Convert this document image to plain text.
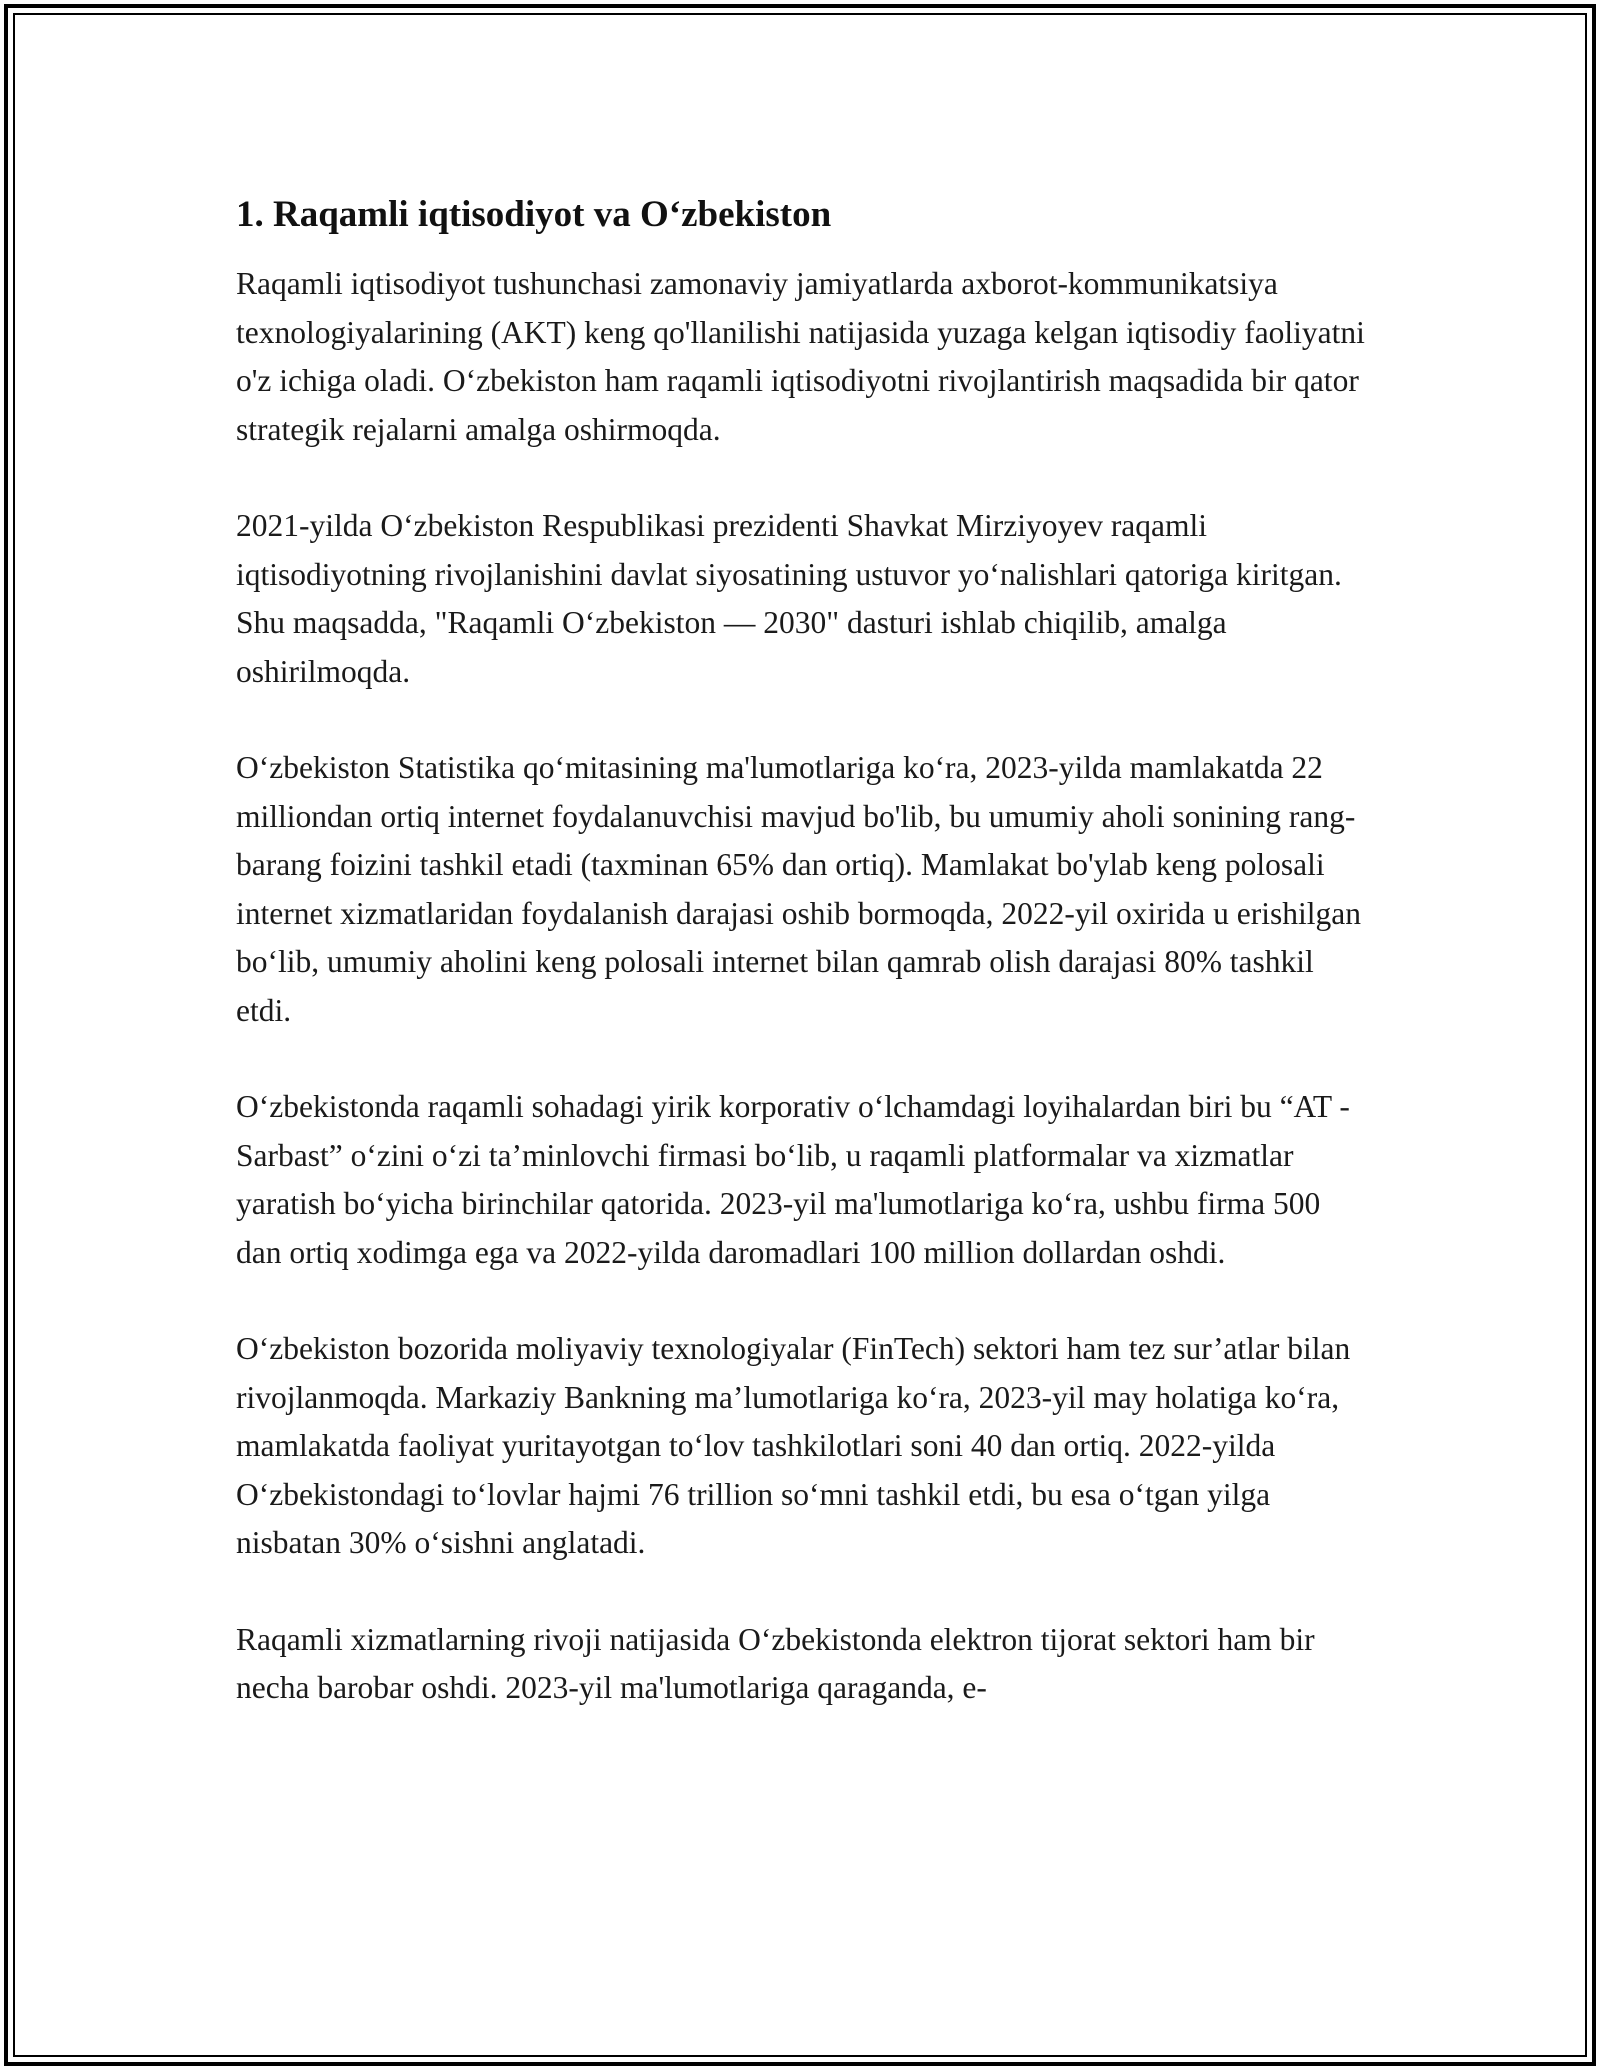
1. Raqamli iqtisodiyot va O‘zbekiston

Raqamli iqtisodiyot tushunchasi zamonaviy jamiyatlarda axborot-kommunikatsiya texnologiyalarining (AKT) keng qo'llanilishi natijasida yuzaga kelgan iqtisodiy faoliyatni o'z ichiga oladi. O‘zbekiston ham raqamli iqtisodiyotni rivojlantirish maqsadida bir qator strategik rejalarni amalga oshirmoqda.

2021-yilda O‘zbekiston Respublikasi prezidenti Shavkat Mirziyoyev raqamli iqtisodiyotning rivojlanishini davlat siyosatining ustuvor yo‘nalishlari qatoriga kiritgan. Shu maqsadda, "Raqamli O‘zbekiston — 2030" dasturi ishlab chiqilib, amalga oshirilmoqda.

O‘zbekiston Statistika qo‘mitasining ma'lumotlariga ko‘ra, 2023-yilda mamlakatda 22 milliondan ortiq internet foydalanuvchisi mavjud bo'lib, bu umumiy aholi sonining rang-barang foizini tashkil etadi (taxminan 65% dan ortiq). Mamlakat bo'ylab keng polosali internet xizmatlaridan foydalanish darajasi oshib bormoqda, 2022-yil oxirida u erishilgan bo‘lib, umumiy aholini keng polosali internet bilan qamrab olish darajasi 80% tashkil etdi.

O‘zbekistonda raqamli sohadagi yirik korporativ o‘lchamdagi loyihalardan biri bu “AT - Sarbast” o‘zini o‘zi ta’minlovchi firmasi bo‘lib, u raqamli platformalar va xizmatlar yaratish bo‘yicha birinchilar qatorida. 2023-yil ma'lumotlariga ko‘ra, ushbu firma 500 dan ortiq xodimga ega va 2022-yilda daromadlari 100 million dollardan oshdi.

O‘zbekiston bozorida moliyaviy texnologiyalar (FinTech) sektori ham tez sur’atlar bilan rivojlanmoqda. Markaziy Bankning ma’lumotlariga ko‘ra, 2023-yil may holatiga ko‘ra, mamlakatda faoliyat yuritayotgan to‘lov tashkilotlari soni 40 dan ortiq. 2022-yilda O‘zbekistondagi to‘lovlar hajmi 76 trillion so‘mni tashkil etdi, bu esa o‘tgan yilga nisbatan 30% o‘sishni anglatadi.

Raqamli xizmatlarning rivoji natijasida O‘zbekistonda elektron tijorat sektori ham bir necha barobar oshdi. 2023-yil ma'lumotlariga qaraganda, e-
